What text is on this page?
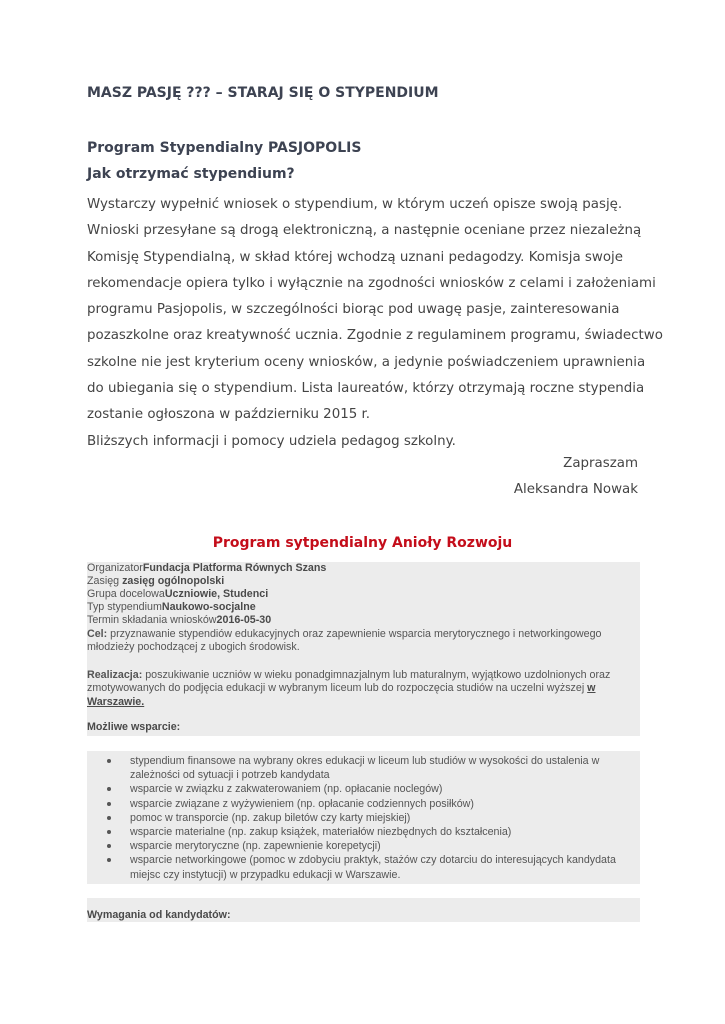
MASZ PASJĘ ??? – STARAJ SIĘ O STYPENDIUM
Program Stypendialny PASJOPOLIS
Jak otrzymać stypendium?
Wystarczy wypełnić wniosek o stypendium, w którym uczeń opisze swoją pasję.
Wnioski przesyłane są drogą elektroniczną, a następnie oceniane przez niezależną
Komisję Stypendialną, w skład której wchodzą uznani pedagodzy. Komisja swoje
rekomendacje opiera tylko i wyłącznie na zgodności wniosków z celami i założeniami
programu Pasjopolis, w szczególności biorąc pod uwagę pasje, zainteresowania
pozaszkolne oraz kreatywność ucznia. Zgodnie z regulaminem programu, świadectwo
szkolne nie jest kryterium oceny wniosków, a jedynie poświadczeniem uprawnienia
do ubiegania się o stypendium. Lista laureatów, którzy otrzymają roczne stypendia
zostanie ogłoszona w październiku 2015 r.
Bliższych informacji i pomocy udziela pedagog szkolny.

Zapraszam

Aleksandra Nowak

Program sytpendialny Anioły Rozwoju
OrganizatorFundacja Platforma Równych Szans
Zasięg zasięg ogólnopolski
Grupa docelowaUczniowie, Studenci
Typ stypendiumNaukowo-socjalne
Termin składania wniosków2016-05-30
Cel: przyznawanie stypendiów edukacyjnych oraz zapewnienie wsparcia merytorycznego i networkingowego młodzieży pochodzącej z ubogich środowisk.
Realizacja: poszukiwanie uczniów w wieku ponadgimnazjalnym lub maturalnym, wyjątkowo uzdolnionych oraz zmotywowanych do podjęcia edukacji w wybranym liceum lub do rozpoczęcia studiów na uczelni wyższej w Warszawie.
Możliwe wsparcie:
stypendium finansowe na wybrany okres edukacji w liceum lub studiów w wysokości do ustalenia w zależności od sytuacji i potrzeb kandydata
wsparcie w związku z zakwaterowaniem (np. opłacanie noclegów)
wsparcie związane z wyżywieniem (np. opłacanie codziennych posiłków)
pomoc w transporcie (np. zakup biletów czy karty miejskiej)
wsparcie materialne (np. zakup książek, materiałów niezbędnych do kształcenia)
wsparcie merytoryczne (np. zapewnienie korepetycji)
wsparcie networkingowe (pomoc w zdobyciu praktyk, stażów czy dotarciu do interesujących kandydata miejsc czy instytucji) w przypadku edukacji w Warszawie.
Wymagania od kandydatów:
